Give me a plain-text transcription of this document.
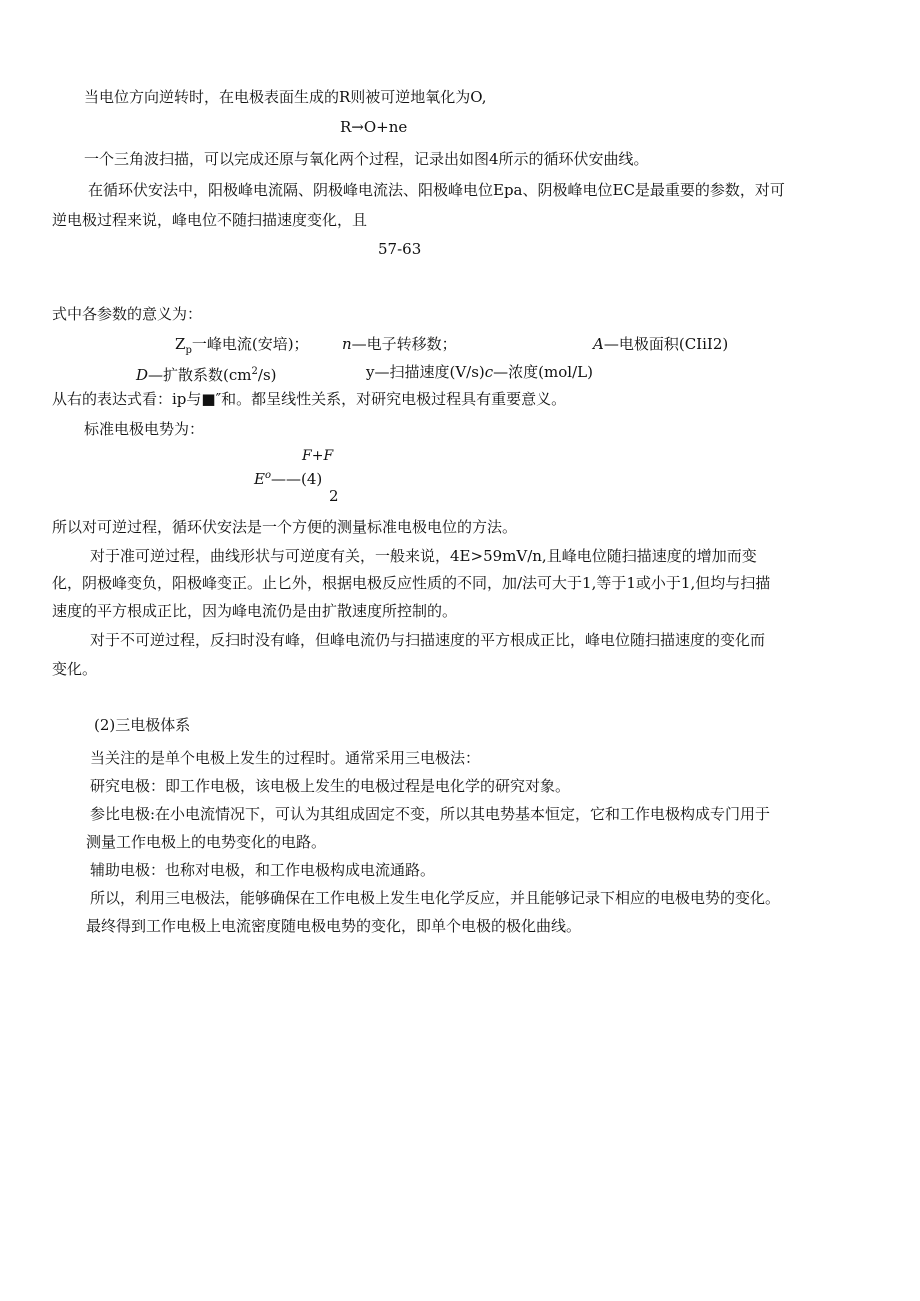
当电位方向逆转时，在电极表面生成的R则被可逆地氧化为O,
R→O+ne
一个三角波扫描，可以完成还原与氧化两个过程，记录出如图4所示的循环伏安曲线。
在循环伏安法中，阳极峰电流隔、阴极峰电流法、阳极峰电位Epa、阴极峰电位EC是最重要的参数，对可
逆电极过程来说，峰电位不随扫描速度变化，且
57-63
式中各参数的意义为：
$Z_p$一峰电流(安培)； n—电子转移数；	A—电极面积(CIiI2)
D—扩散系数$(cm^2/s)$	y—扫描速度(V/s)c—浓度(mol/L)
从右的表达式看：ip与■″和。都呈线性关系，对研究电极过程具有重要意义。
标准电极电势为：
F+F
$E^o——(4)$
2
所以对可逆过程，循环伏安法是一个方便的测量标准电极电位的方法。
对于准可逆过程，曲线形状与可逆度有关，一般来说，4E>59mV/n,且峰电位随扫描速度的增加而变
化，阴极峰变负，阳极峰变正。止匕外，根据电极反应性质的不同，加/法可大于1,等于1或小于1,但均与扫描
速度的平方根成正比，因为峰电流仍是由扩散速度所控制的。
对于不可逆过程，反扫时没有峰，但峰电流仍与扫描速度的平方根成正比，峰电位随扫描速度的变化而
变化。
(2)三电极体系
当关注的是单个电极上发生的过程时。通常采用三电极法：
研究电极：即工作电极，该电极上发生的电极过程是电化学的研究对象。
参比电极:在小电流情况下，可认为其组成固定不变，所以其电势基本恒定，它和工作电极构成专门用于
测量工作电极上的电势变化的电路。
辅助电极：也称对电极，和工作电极构成电流通路。
所以，利用三电极法，能够确保在工作电极上发生电化学反应，并且能够记录下相应的电极电势的变化。
最终得到工作电极上电流密度随电极电势的变化，即单个电极的极化曲线。
